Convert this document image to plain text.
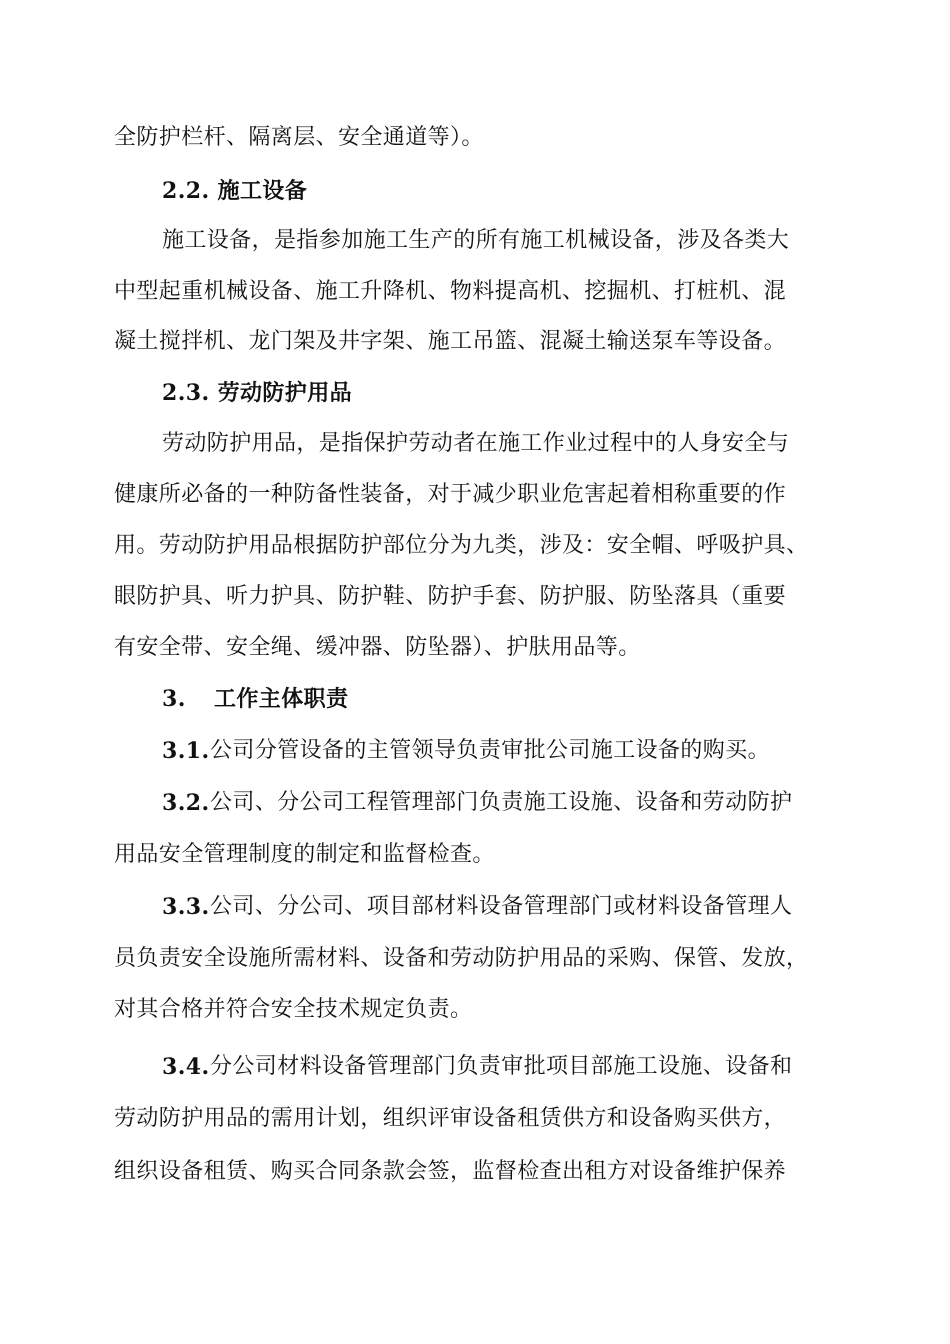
全防护栏杆、隔离层、安全通道等）。
2.2. 施工设备
施工设备，是指参加施工生产的所有施工机械设备，涉及各类大
中型起重机械设备、施工升降机、物料提高机、挖掘机、打桩机、混
凝土搅拌机、龙门架及井字架、施工吊篮、混凝土输送泵车等设备。
2.3. 劳动防护用品
劳动防护用品，是指保护劳动者在施工作业过程中的人身安全与
健康所必备的一种防备性装备，对于减少职业危害起着相称重要的作
用。劳动防护用品根据防护部位分为九类，涉及：安全帽、呼吸护具、
眼防护具、听力护具、防护鞋、防护手套、防护服、防坠落具（重要
有安全带、安全绳、缓冲器、防坠器）、护肤用品等。
3. 工作主体职责
3.1. 公司分管设备的主管领导负责审批公司施工设备的购买。
3.2. 公司、分公司工程管理部门负责施工设施、设备和劳动防护
用品安全管理制度的制定和监督检查。
3.3. 公司、分公司、项目部材料设备管理部门或材料设备管理人
员负责安全设施所需材料、设备和劳动防护用品的采购、保管、发放，
对其合格并符合安全技术规定负责。
3.4. 分公司材料设备管理部门负责审批项目部施工设施、设备和
劳动防护用品的需用计划，组织评审设备租赁供方和设备购买供方，
组织设备租赁、购买合同条款会签，监督检查出租方对设备维护保养
